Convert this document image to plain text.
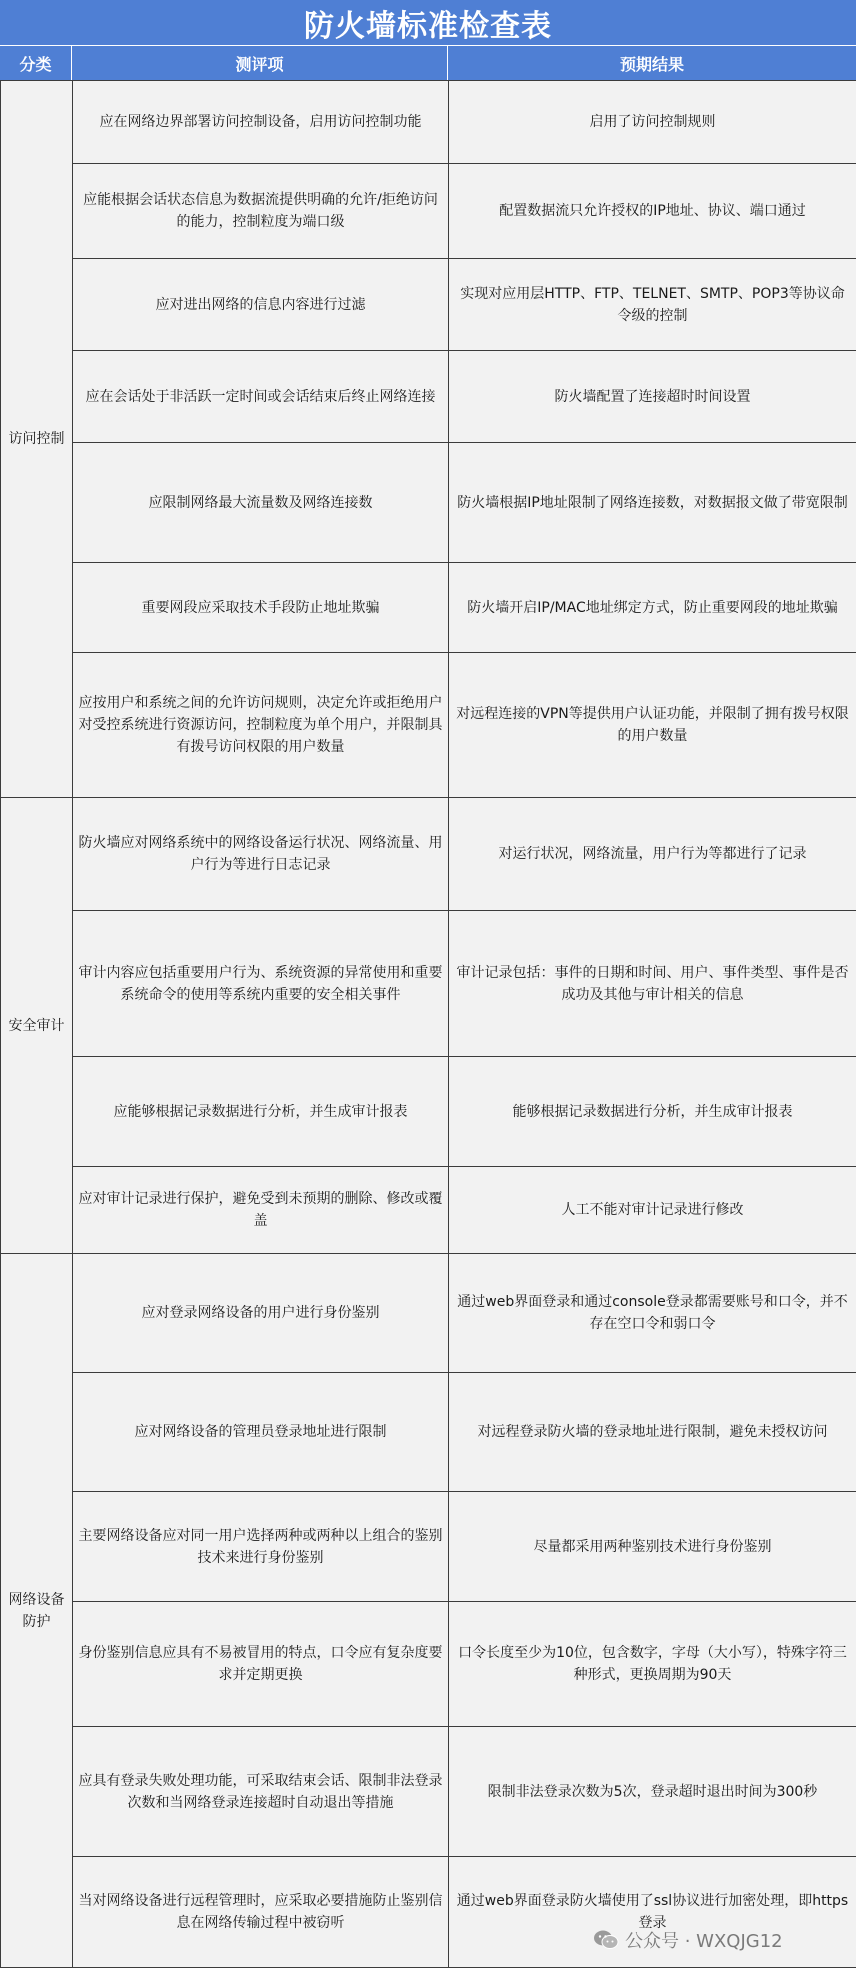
防火墙标准检查表
分类	测评项	预期结果
访问控制	应在网络边界部署访问控制设备，启用访问控制功能	启用了访问控制规则
	应能根据会话状态信息为数据流提供明确的允许/拒绝访问的能力，控制粒度为端口级	配置数据流只允许授权的IP地址、协议、端口通过
	应对进出网络的信息内容进行过滤	实现对应用层HTTP、FTP、TELNET、SMTP、POP3等协议命令级的控制
	应在会话处于非活跃一定时间或会话结束后终止网络连接	防火墙配置了连接超时时间设置
	应限制网络最大流量数及网络连接数	防火墙根据IP地址限制了网络连接数，对数据报文做了带宽限制
	重要网段应采取技术手段防止地址欺骗	防火墙开启IP/MAC地址绑定方式，防止重要网段的地址欺骗
	应按用户和系统之间的允许访问规则，决定允许或拒绝用户对受控系统进行资源访问，控制粒度为单个用户，并限制具有拨号访问权限的用户数量	对远程连接的VPN等提供用户认证功能，并限制了拥有拨号权限的用户数量
安全审计	防火墙应对网络系统中的网络设备运行状况、网络流量、用户行为等进行日志记录	对运行状况，网络流量，用户行为等都进行了记录
	审计内容应包括重要用户行为、系统资源的异常使用和重要系统命令的使用等系统内重要的安全相关事件	审计记录包括：事件的日期和时间、用户、事件类型、事件是否成功及其他与审计相关的信息
	应能够根据记录数据进行分析，并生成审计报表	能够根据记录数据进行分析，并生成审计报表
	应对审计记录进行保护，避免受到未预期的删除、修改或覆盖	人工不能对审计记录进行修改
网络设备防护	应对登录网络设备的用户进行身份鉴别	通过web界面登录和通过console登录都需要账号和口令，并不存在空口令和弱口令
	应对网络设备的管理员登录地址进行限制	对远程登录防火墙的登录地址进行限制，避免未授权访问
	主要网络设备应对同一用户选择两种或两种以上组合的鉴别技术来进行身份鉴别	尽量都采用两种鉴别技术进行身份鉴别
	身份鉴别信息应具有不易被冒用的特点，口令应有复杂度要求并定期更换	口令长度至少为10位，包含数字，字母（大小写），特殊字符三种形式，更换周期为90天
	应具有登录失败处理功能，可采取结束会话、限制非法登录次数和当网络登录连接超时自动退出等措施	限制非法登录次数为5次，登录超时退出时间为300秒
	当对网络设备进行远程管理时，应采取必要措施防止鉴别信息在网络传输过程中被窃听	通过web界面登录防火墙使用了ssl协议进行加密处理，即https登录
公众号 · WXQJG12
